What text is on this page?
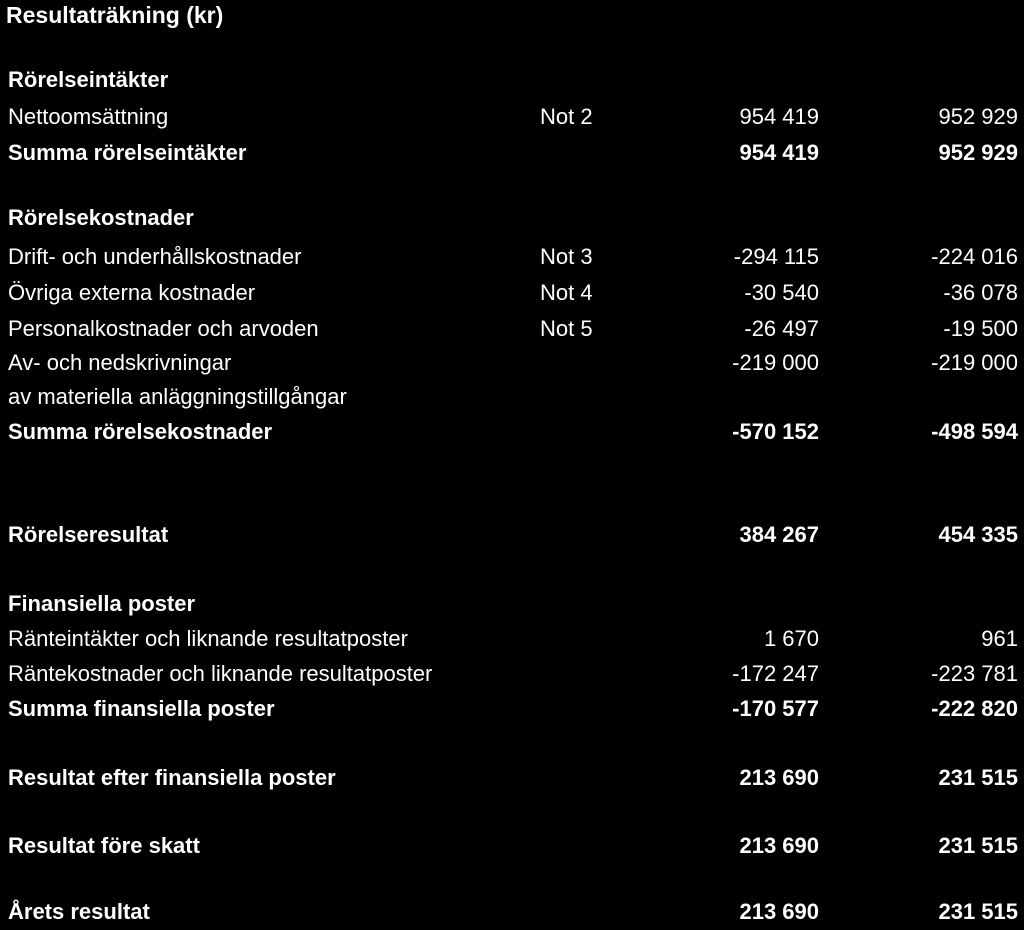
Resultaträkning (kr)
Rörelseintäkter
Nettoomsättning	Not 2	954 419	952 929
Summa rörelseintäkter	954 419	952 929
Rörelsekostnader
Drift- och underhållskostnader	Not 3	-294 115	-224 016
Övriga externa kostnader	Not 4	-30 540	-36 078
Personalkostnader och arvoden	Not 5	-26 497	-19 500
Av- och nedskrivningar	-219 000	-219 000
av materiella anläggningstillgångar
Summa rörelsekostnader	-570 152	-498 594
Rörelseresultat	384 267	454 335
Finansiella poster
Ränteintäkter och liknande resultatposter	1 670	961
Räntekostnader och liknande resultatposter	-172 247	-223 781
Summa finansiella poster	-170 577	-222 820
Resultat efter finansiella poster	213 690	231 515
Resultat före skatt	213 690	231 515
Årets resultat	213 690	231 515
